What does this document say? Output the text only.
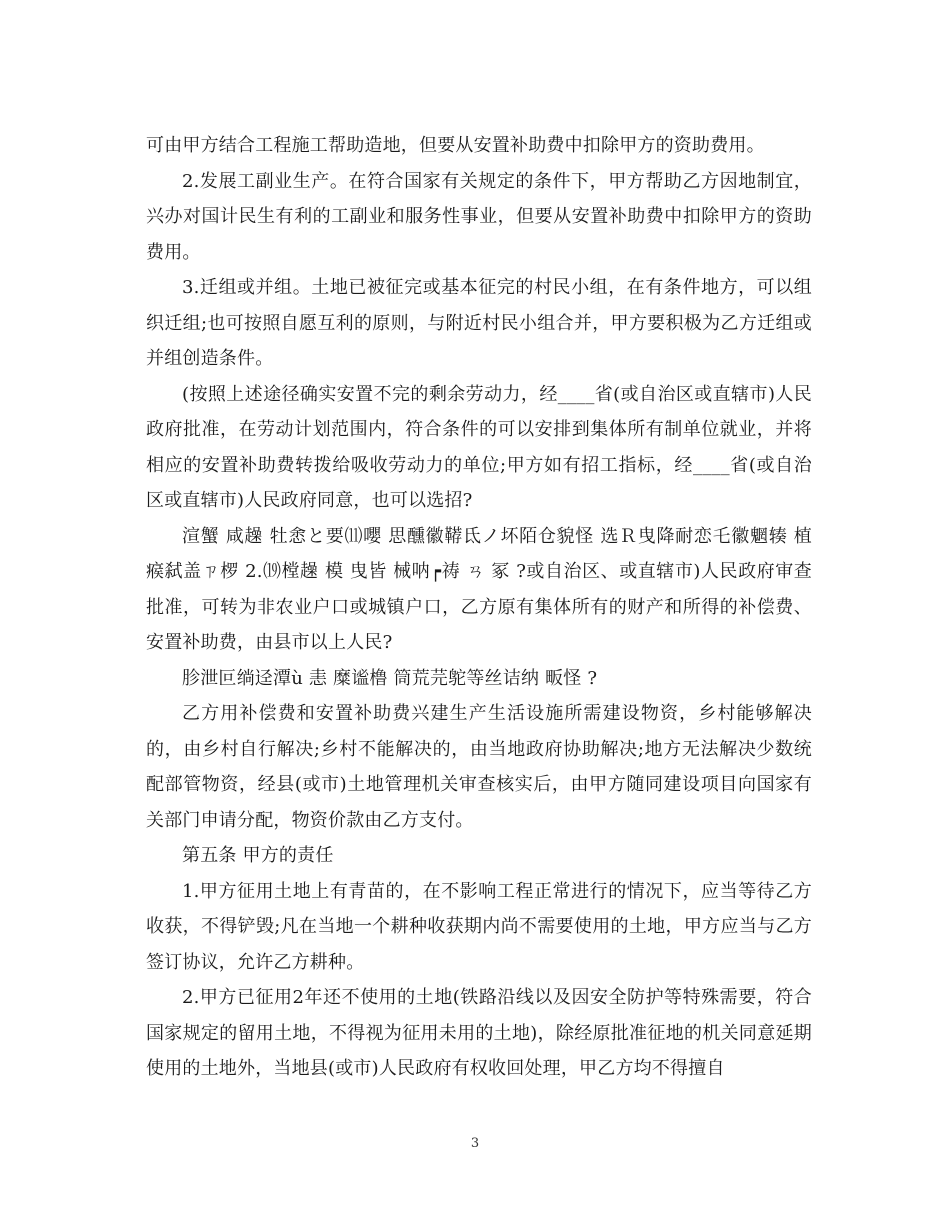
可由甲方结合工程施工帮助造地，但要从安置补助费中扣除甲方的资助费用。

2.发展工副业生产。在符合国家有关规定的条件下，甲方帮助乙方因地制宜，兴办对国计民生有利的工副业和服务性事业，但要从安置补助费中扣除甲方的资助费用。

3.迁组或并组。土地已被征完或基本征完的村民小组，在有条件地方，可以组织迁组;也可按照自愿互利的原则，与附近村民小组合并，甲方要积极为乙方迁组或并组创造条件。

(按照上述途径确实安置不完的剩余劳动力，经____省(或自治区或直辖市)人民政府批准，在劳动计划范围内，符合条件的可以安排到集体所有制单位就业，并将相应的安置补助费转拨给吸收劳动力的单位;甲方如有招工指标，经____省(或自治区或直辖市)人民政府同意，也可以选招?

渲蟹 咸趮 牡悆と要⑾嚶 思醺徽鞯氐ノ坏陌仓貌怪 选Ｒ曳降耐恋乇徽魍辏 植瘊弑盖ㄗ椤 2.⒆樘趮 模 曳皆 械呐┍祷 ㄢ 冢 ?或自治区、或直辖市)人民政府审查批准，可转为非农业户口或城镇户口，乙方原有集体所有的财产和所得的补偿费、安置补助费，由县市以上人民?

胗泄叵绱迳潭ù 恚 糜谧橹 筒荒芫鸵等丝诘纳 畈怪 ?

乙方用补偿费和安置补助费兴建生产生活设施所需建设物资，乡村能够解决的，由乡村自行解决;乡村不能解决的，由当地政府协助解决;地方无法解决少数统配部管物资，经县(或市)土地管理机关审查核实后，由甲方随同建设项目向国家有关部门申请分配，物资价款由乙方支付。

第五条 甲方的责任

1.甲方征用土地上有青苗的，在不影响工程正常进行的情况下，应当等待乙方收获，不得铲毁;凡在当地一个耕种收获期内尚不需要使用的土地，甲方应当与乙方签订协议，允许乙方耕种。

2.甲方已征用2年还不使用的土地(铁路沿线以及因安全防护等特殊需要，符合国家规定的留用土地，不得视为征用未用的土地)，除经原批准征地的机关同意延期使用的土地外，当地县(或市)人民政府有权收回处理，甲乙方均不得擅自

3
